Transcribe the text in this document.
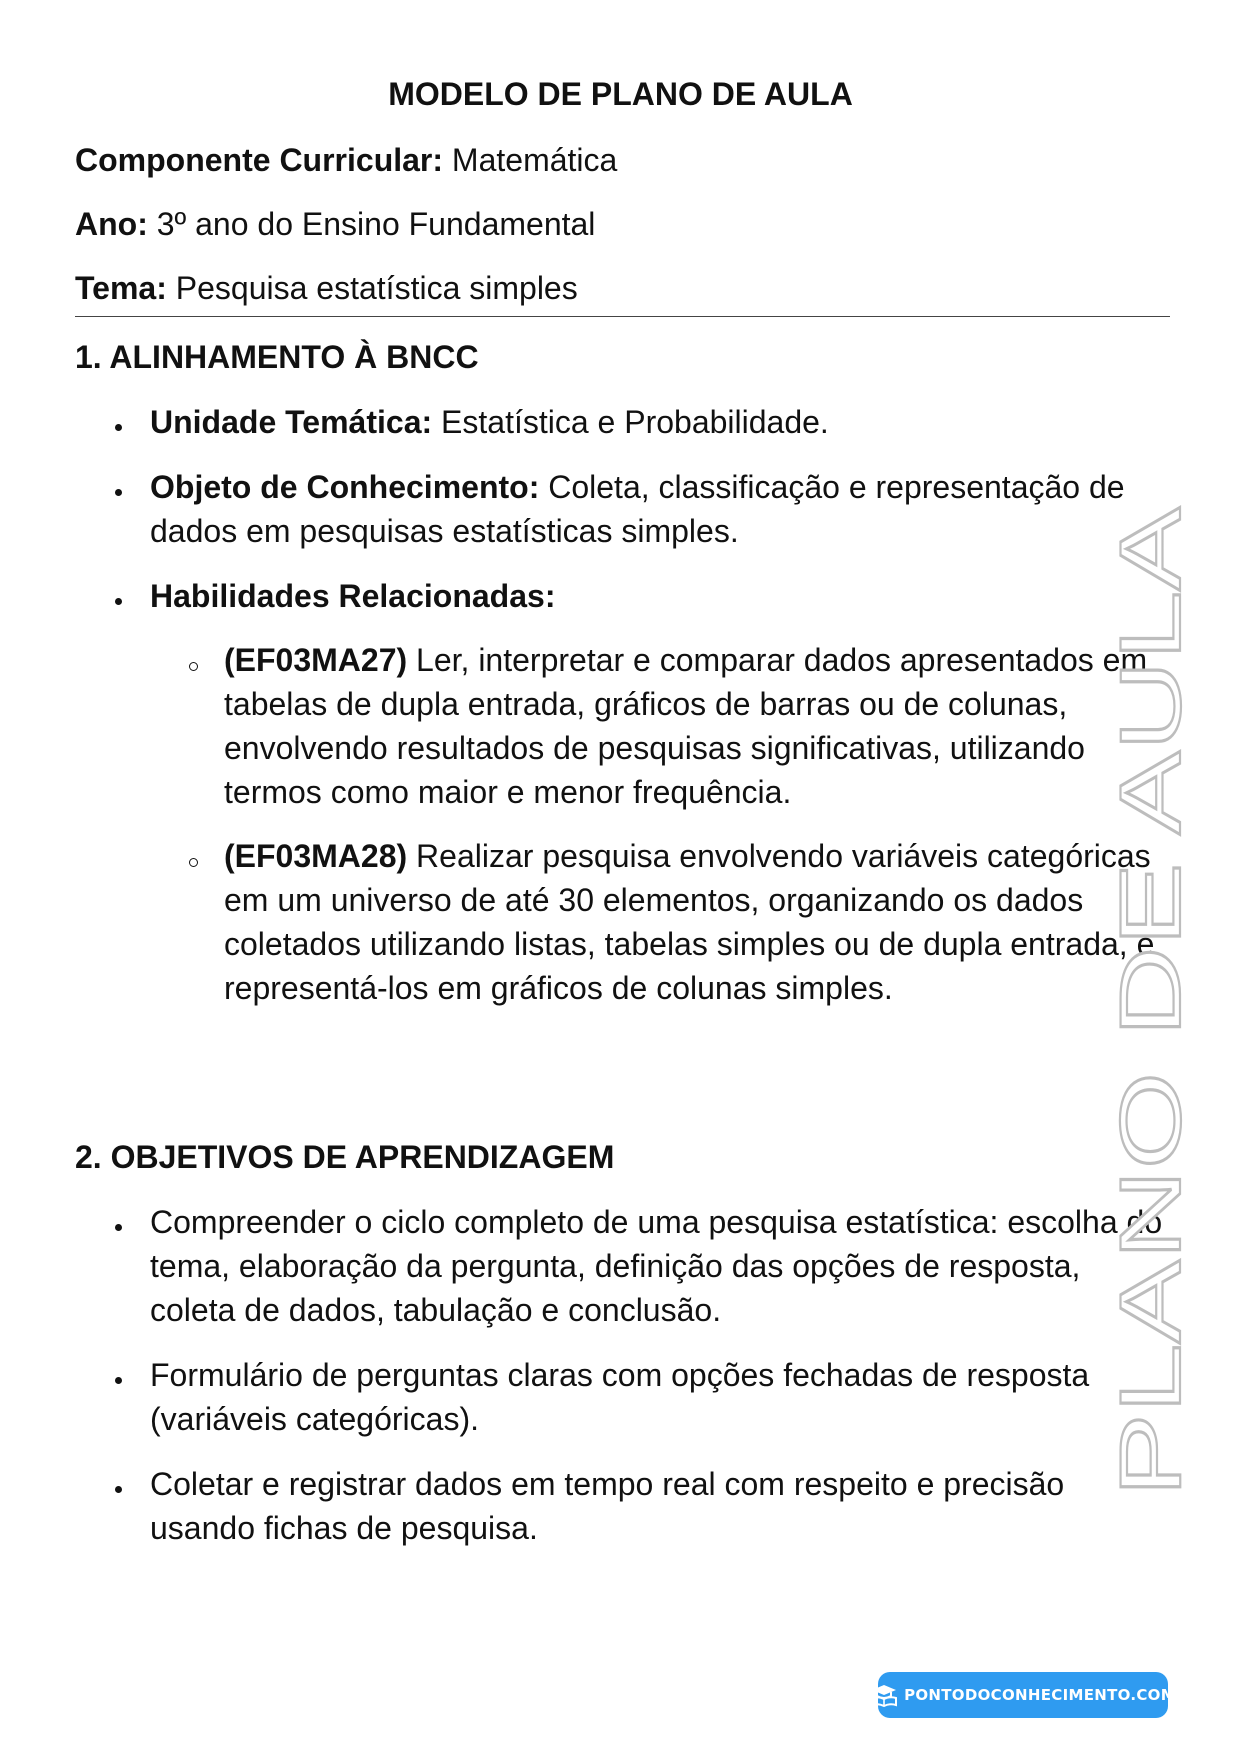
MODELO DE PLANO DE AULA
Componente Curricular: Matemática
Ano: 3º ano do Ensino Fundamental
Tema: Pesquisa estatística simples
1. ALINHAMENTO À BNCC
Unidade Temática: Estatística e Probabilidade.
Objeto de Conhecimento: Coleta, classificação e representação de dados em pesquisas estatísticas simples.
Habilidades Relacionadas:
(EF03MA27) Ler, interpretar e comparar dados apresentados em tabelas de dupla entrada, gráficos de barras ou de colunas, envolvendo resultados de pesquisas significativas, utilizando termos como maior e menor frequência.
(EF03MA28) Realizar pesquisa envolvendo variáveis categóricas em um universo de até 30 elementos, organizando os dados coletados utilizando listas, tabelas simples ou de dupla entrada, e representá-los em gráficos de colunas simples.
2. OBJETIVOS DE APRENDIZAGEM
Compreender o ciclo completo de uma pesquisa estatística: escolha do tema, elaboração da pergunta, definição das opções de resposta, coleta de dados, tabulação e conclusão.
Formulário de perguntas claras com opções fechadas de resposta (variáveis categóricas).
Coletar e registrar dados em tempo real com respeito e precisão usando fichas de pesquisa.
PLANO DE AULA
PONTODOCONHECIMENTO.COM
